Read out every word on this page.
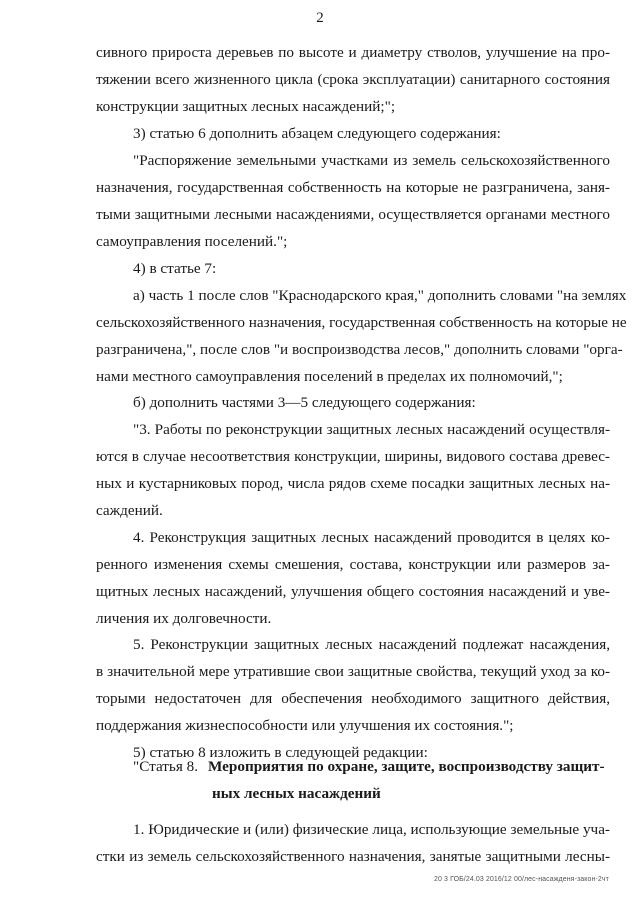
2
сивного прироста деревьев по высоте и диаметру стволов, улучшение на про-
тяжении всего жизненного цикла (срока эксплуатации) санитарного состояния
конструкции защитных лесных насаждений;";
3) статью 6 дополнить абзацем следующего содержания:
"Распоряжение земельными участками из земель сельскохозяйственного
назначения, государственная собственность на которые не разграничена, заня-
тыми защитными лесными насаждениями, осуществляется органами местного
самоуправления поселений.";
4) в статье 7:
а) часть 1 после слов "Краснодарского края," дополнить словами "на землях
сельскохозяйственного назначения, государственная собственность на которые не
разграничена,", после слов "и воспроизводства лесов," дополнить словами "орга-
нами местного самоуправления поселений в пределах их полномочий,";
б) дополнить частями 3—5 следующего содержания:
"3. Работы по реконструкции защитных лесных насаждений осуществля-
ются в случае несоответствия конструкции, ширины, видового состава древес-
ных и кустарниковых пород, числа рядов схеме посадки защитных лесных на-
саждений.
4. Реконструкция защитных лесных насаждений проводится в целях ко-
ренного изменения схемы смешения, состава, конструкции или размеров за-
щитных лесных насаждений, улучшения общего состояния насаждений и уве-
личения их долговечности.
5. Реконструкции защитных лесных насаждений подлежат насаждения,
в значительной мере утратившие свои защитные свойства, текущий уход за ко-
торыми недостаточен для обеспечения необходимого защитного действия,
поддержания жизнеспособности или улучшения их состояния.";
5) статью 8 изложить в следующей редакции:
"Статья 8. Мероприятия по охране, защите, воспроизводству защит-
ных лесных насаждений
1. Юридические и (или) физические лица, использующие земельные уча-
стки из земель сельскохозяйственного назначения, занятые защитными лесны-
20 3 ГОБ/24.03 2016/12 00/лес-насажденя-закон-2чт
